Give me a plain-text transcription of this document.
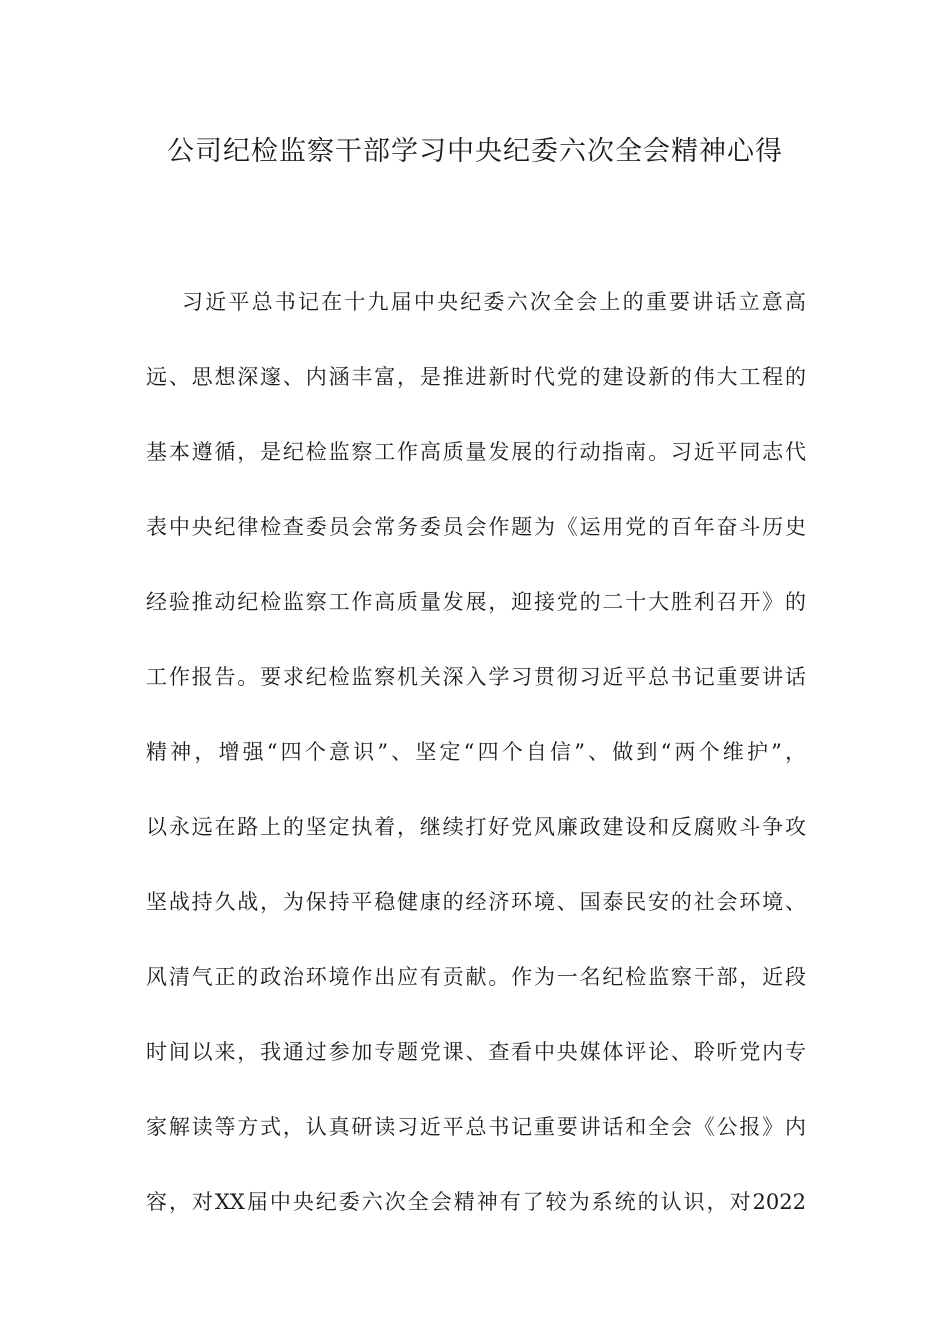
公司纪检监察干部学习中央纪委六次全会精神心得
习近平总书记在十九届中央纪委六次全会上的重要讲话立意高
远、思想深邃、内涵丰富，是推进新时代党的建设新的伟大工程的
基本遵循，是纪检监察工作高质量发展的行动指南。习近平同志代
表中央纪律检查委员会常务委员会作题为《运用党的百年奋斗历史
经验推动纪检监察工作高质量发展，迎接党的二十大胜利召开》的
工作报告。要求纪检监察机关深入学习贯彻习近平总书记重要讲话
精神，增强“四个意识”、坚定“四个自信”、做到“两个维护”，
以永远在路上的坚定执着，继续打好党风廉政建设和反腐败斗争攻
坚战持久战，为保持平稳健康的经济环境、国泰民安的社会环境、
风清气正的政治环境作出应有贡献。作为一名纪检监察干部，近段
时间以来，我通过参加专题党课、查看中央媒体评论、聆听党内专
家解读等方式，认真研读习近平总书记重要讲话和全会《公报》内
容，对XX届中央纪委六次全会精神有了较为系统的认识，对2022
